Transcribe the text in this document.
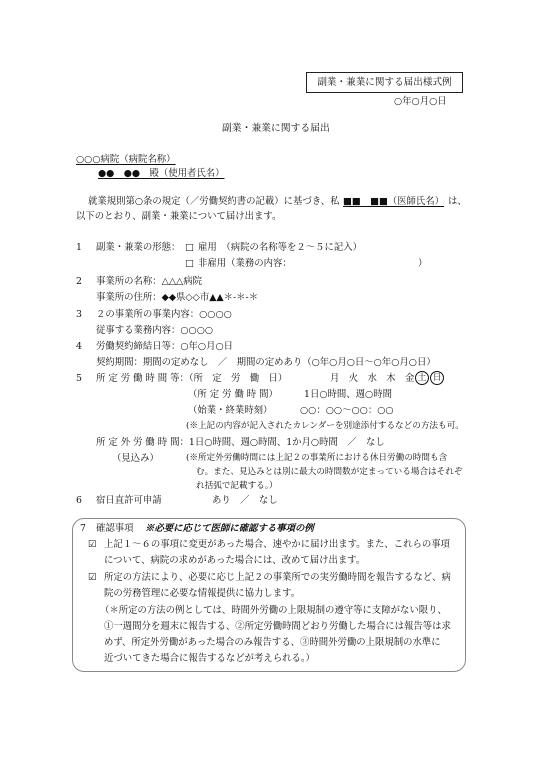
副業・兼業に関する届出様式例
○年○月○日
副業・兼業に関する届出
○○○病院（病院名称）
●●　●●　殿（使用者氏名）
就業規則第○条の規定（／労働契約書の記載）に基づき、私 ■■　■■（医師氏名） は、
以下のとおり、副業・兼業について届け出ます。
1 副業・兼業の形態： □ 雇用　（病院の名称等を２～５に記入）
□ 非雇用（業務の内容：	）
2 事業所の名称：△△△病院
事業所の住所：◆◆県◇◇市▲▲＊-＊-＊
3 ２の事業所の事業内容：○○○○
従事する業務内容：○○○○
4 労働契約締結日等：○年○月○日
契約期間：期間の定めなし　／　期間の定めあり（○年○月○日～○年○月○日）
5 所 定 労 働 時 間 等：（所　定　労　働　日）	月　火　水　木　金 土 日
（所 定 労 働 時 間）	1日○時間、週○時間
（始業・終業時刻）	○○：○○～○○：○○
(※上記の内容が記入されたカレンダーを別途添付するなどの方法も可。
所 定 外 労 働 時 間：1日○時間、週○時間、1か月○時間　／　なし
（見込み）	(※所定外労働時間には上記２の事業所における休日労働の時間も含
む。また、見込みとは別に最大の時間数が定まっている場合はそれぞ
れ括弧で記載する。）
6 宿日直許可申請	あり　／　なし
7 確認事項 ※必要に応じて医師に確認する事項の例
☑ 上記１～６の事項に変更があった場合、速やかに届け出ます。また、これらの事項
について、病院の求めがあった場合には、改めて届け出ます。
☑ 所定の方法により、必要に応じ上記２の事業所での実労働時間を報告するなど、病
院の労務管理に必要な情報提供に協力します。
（＊所定の方法の例としては、時間外労働の上限規制の遵守等に支障がない限り、
①一週間分を週末に報告する、②所定労働時間どおり労働した場合には報告等は求
めず、所定外労働があった場合のみ報告する、③時間外労働の上限規制の水準に
近づいてきた場合に報告するなどが考えられる。）
